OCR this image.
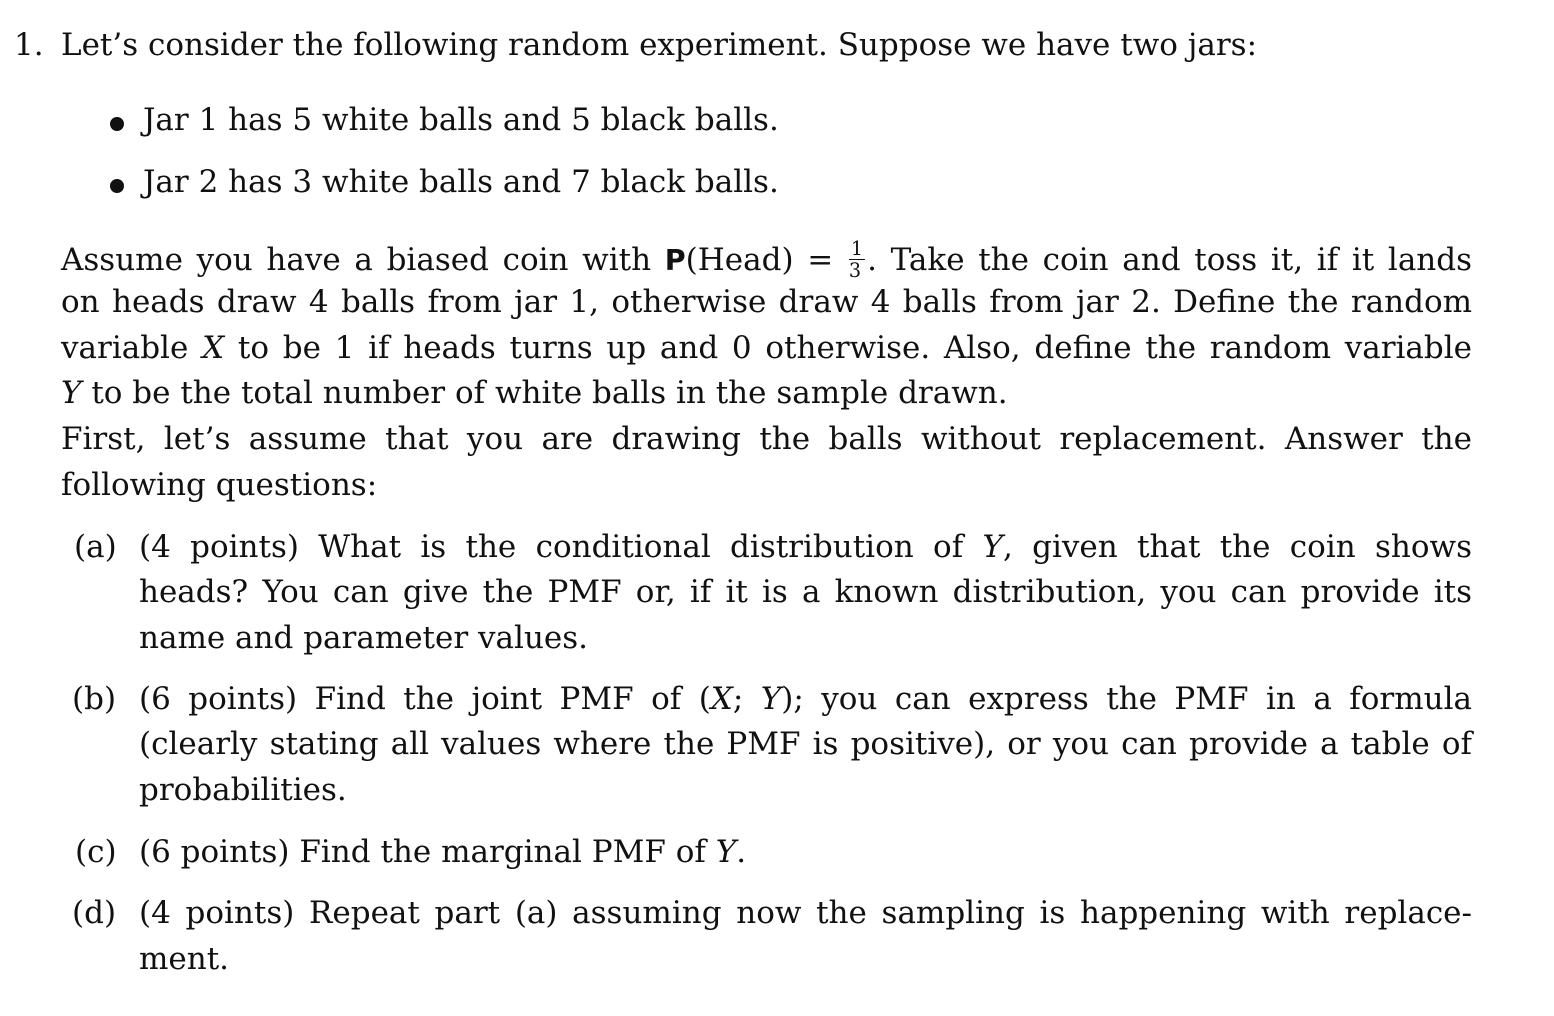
1. Let’s consider the following random experiment. Suppose we have two jars:
Jar 1 has 5 white balls and 5 black balls.
Jar 2 has 3 white balls and 7 black balls.
Assume you have a biased coin with P(Head) = $\frac{1}{3}$ . Take the coin and toss it, if it lands
on heads draw 4 balls from jar 1, otherwise draw 4 balls from jar 2. Define the random
variable X to be 1 if heads turns up and 0 otherwise. Also, define the random variable
Y to be the total number of white balls in the sample drawn.
First, let’s assume that you are drawing the balls without replacement. Answer the
following questions:
(a) (4 points) What is the conditional distribution of Y, given that the coin shows
heads? You can give the PMF or, if it is a known distribution, you can provide its
name and parameter values.
(b) (6 points) Find the joint PMF of (X; Y); you can express the PMF in a formula
(clearly stating all values where the PMF is positive), or you can provide a table of
probabilities.
(c) (6 points) Find the marginal PMF of Y.
(d) (4 points) Repeat part (a) assuming now the sampling is happening with replace-
ment.
